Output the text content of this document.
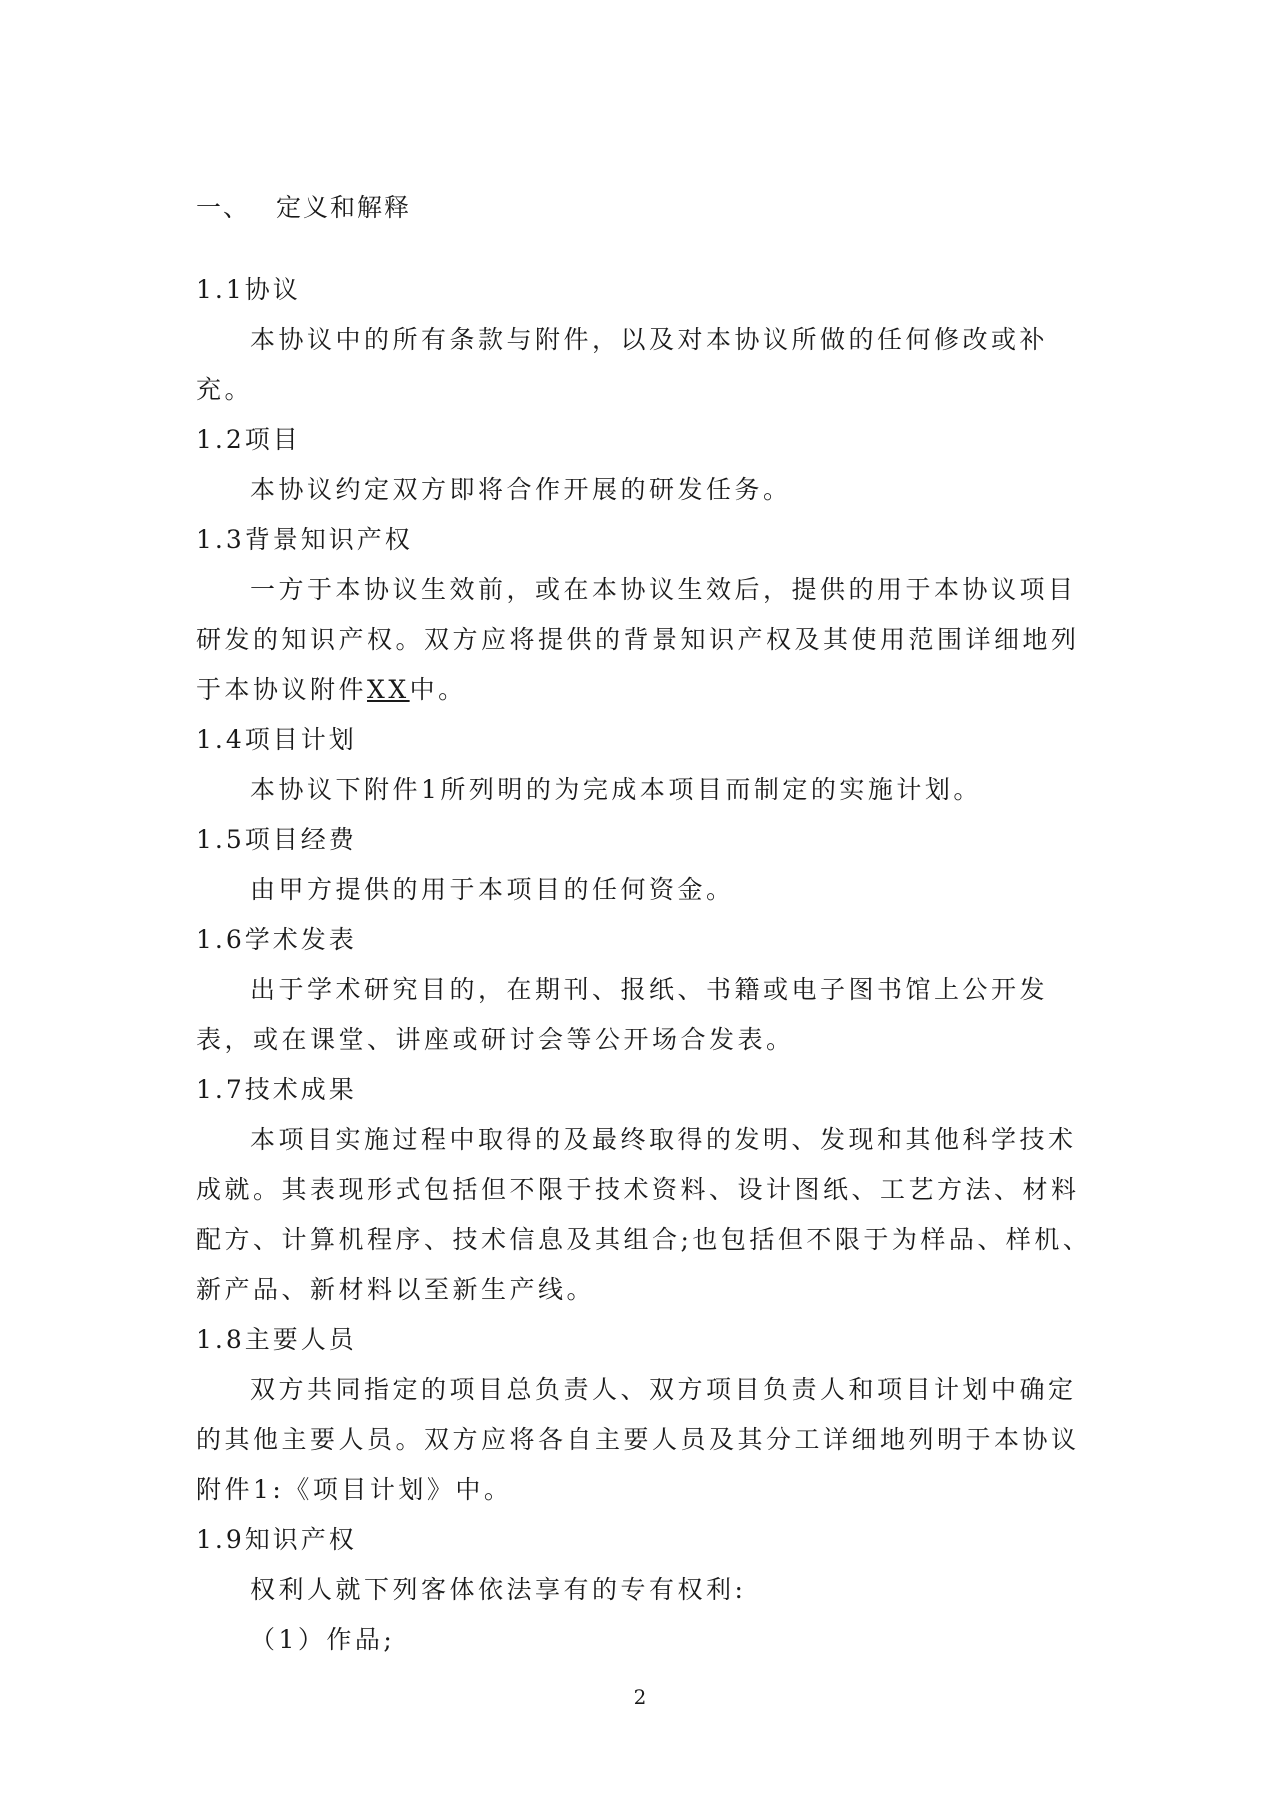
一、 定义和解释
1.1协议
本协议中的所有条款与附件，以及对本协议所做的任何修改或补充。
1.2项目
本协议约定双方即将合作开展的研发任务。
1.3背景知识产权
一方于本协议生效前，或在本协议生效后，提供的用于本协议项目研发的知识产权。双方应将提供的背景知识产权及其使用范围详细地列于本协议附件XX中。
1.4项目计划
本协议下附件1所列明的为完成本项目而制定的实施计划。
1.5项目经费
由甲方提供的用于本项目的任何资金。
1.6学术发表
出于学术研究目的，在期刊、报纸、书籍或电子图书馆上公开发表，或在课堂、讲座或研讨会等公开场合发表。
1.7技术成果
本项目实施过程中取得的及最终取得的发明、发现和其他科学技术成就。其表现形式包括但不限于技术资料、设计图纸、工艺方法、材料配方、计算机程序、技术信息及其组合;也包括但不限于为样品、样机、新产品、新材料以至新生产线。
1.8主要人员
双方共同指定的项目总负责人、双方项目负责人和项目计划中确定的其他主要人员。双方应将各自主要人员及其分工详细地列明于本协议附件1:《项目计划》中。
1.9知识产权
权利人就下列客体依法享有的专有权利:
（1）作品;
2
